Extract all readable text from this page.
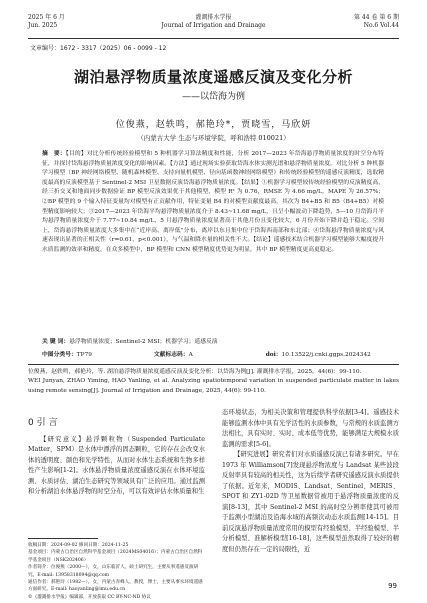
2025 年 6 月
Jun. 2025
灌溉排水学报
Journal of Irrigation and Drainage
第 44 卷 第 6 期
No.6 Vol.44
文章编号：1672 - 3317（2025）06 - 0099 - 12
湖泊悬浮物质量浓度遥感反演及变化分析
——以岱海为例
位俊燕，赵轶鸣，郝艳玲*，贾晓雪，马欣妍
（内蒙古大学 生态与环境学院，呼和浩特 010021）
摘　要：【目的】对比分析传统经验模型和 5 种机器学习算法精度和性能，分析 2017—2023 年岱海悬浮物质量浓度的时空分布特征，并探讨岱海悬浮物质量浓度变化的影响因素。【方法】通过现场实验获取岱海水体实测光谱和悬浮物质量浓度，对比分析 5 种机器学习模型（BP 神经网络模型、随机森林模型、支持向量机模型、径向基函数神经网络模型）和传统经验模型的遥感反演精度，选取精度最高的反演模型基于 Sentinel-2 MSI 卫星数据反演岱海悬浮物质量浓度。【结果】①机器学习模型较传统经验模型的反演精度高，经三折交叉和地面同步数据验证 BP 模型反演效果优于其他模型，模型 R² 为 0.76，RMSE 为 4.66 mg/L，MAPE 为 26.57%；②BP 模型的 9 个输入特征变量均对模型有正贡献作用，特征变量 B4 的对模型贡献度最高，其次为 B4+B5 和 B5（B4+B5）对模型精度影响较大；③2017—2023 年岱海平均悬浮物质量浓度介于 8.43~11.68 mg/L，且呈小幅波动下降趋势，5—10 月岱海月平均悬浮物质量浓度介于 7.77~10.84 mg/L，5 月悬浮物质量浓度显著高于其他月份且变化较大，6 月份开始下降并趋于稳定。空间上，岱海悬浮物质量浓度大多集中在“近岸高、离岸低”分布，离岸以东且集中位于岱海西南部和东北部；④岱海悬浮物质量浓度与风速表现出显著的正相关性（r=0.61，p<0.001），与气温和降水量的相关性不大。【结论】遥感技术结合机器学习模型能够大幅度提升水质监测的效率和精度，在众多模型中，BP 模型和 CNN 模型精度优势更为明显，其中 BP 模型精度更高更稳定。
关 键 词：悬浮物质量浓度；Sentinel-2 MSI；机器学习；遥感反演
中图分类号：TP79	文献标志码：A	doi：10.13522/j.cnki.ggps.2024342
位俊燕，赵轶鸣，郝艳玲，等. 湖泊悬浮物质量浓度遥感反演及变化分析：以岱海为例[J]. 灌溉排水学报，2025，44(6)：99-110.
WEI Junyan, ZHAO Yiming, HAO Yanling, et al. Analyzing spatiotemporal variation in suspended particulate matter in lakes using remote sensing[J]. Journal of Irrigation and Drainage, 2025, 44(6): 99-110.
0 引 言

【研究意义】悬浮颗粒物（Suspended Particulate Matter，SPM）是水体中漂浮的固态颗粒，它的存在会改变水体的透明度、颜色和光学特性，从而对水体生态系统和生物多样性产生影响[1-2]。水体悬浮物质量浓度遥感反演在水体环境监测、水质评估、湖泊生态研究等领域具有广泛的应用。通过监测和分析湖泊水体悬浮物的时空分布，可以有效评估水体质量和生

态环境状态，为相关决策和管理提供科学依据[3-4]。遥感技术能够监测水体中具有光学活性的水质参数，与常规的水质监测方法相比，具有实时、实时、成本低等优势，能够满足大规模水质监测的需求[5-6]。

【研究进展】研究者们对水质遥感反演已有诸多研究。早在 1973 年 Williamson[7]发现悬浮物浓度与 Landsat 某些波段反射率具有较高的相关性，这为后续学者研究遥感反演水质提供了依据。近年来，MODIS、Landsat、Sentinel、MERIS、SPOT 和 ZY1-02D 等卫星数据常被用于悬浮物质量浓度的反演[8-13]，其中 Sentinel-2 MSI 的高时空分辨率使其可被用于监测小型湖泊及沿海水域的高频次动态水质监测[14-15]。目前反演悬浮物质量浓度常用的模型有经验模型、半经验模型、半分析模型、准解析模型[16-18]，这些模型虽然取得了较好的精度但仍然存在一定的局限性，近

收稿日期：2024-09-02 修回日期：2024-11-25
基金项目：内蒙古自治区自然科学基金项目（2024MS04016）；内蒙古自治区自然科学基金项目（NSK202406）
作者简介：位俊燕（2000—），女，山东临沂人。硕士研究生，主要从事遥感反演研究。E-mail: 13958318094@qq.com
通信作者：郝艳玲（1982—），女，内蒙古赤峰人。教授，博士，主要从事水环境遥感方面研究。E-mail: haoyanling@imu.edu.cn
©《灌溉排水学报》编辑部，开放获取 CC BY-NC-ND 协议
99
